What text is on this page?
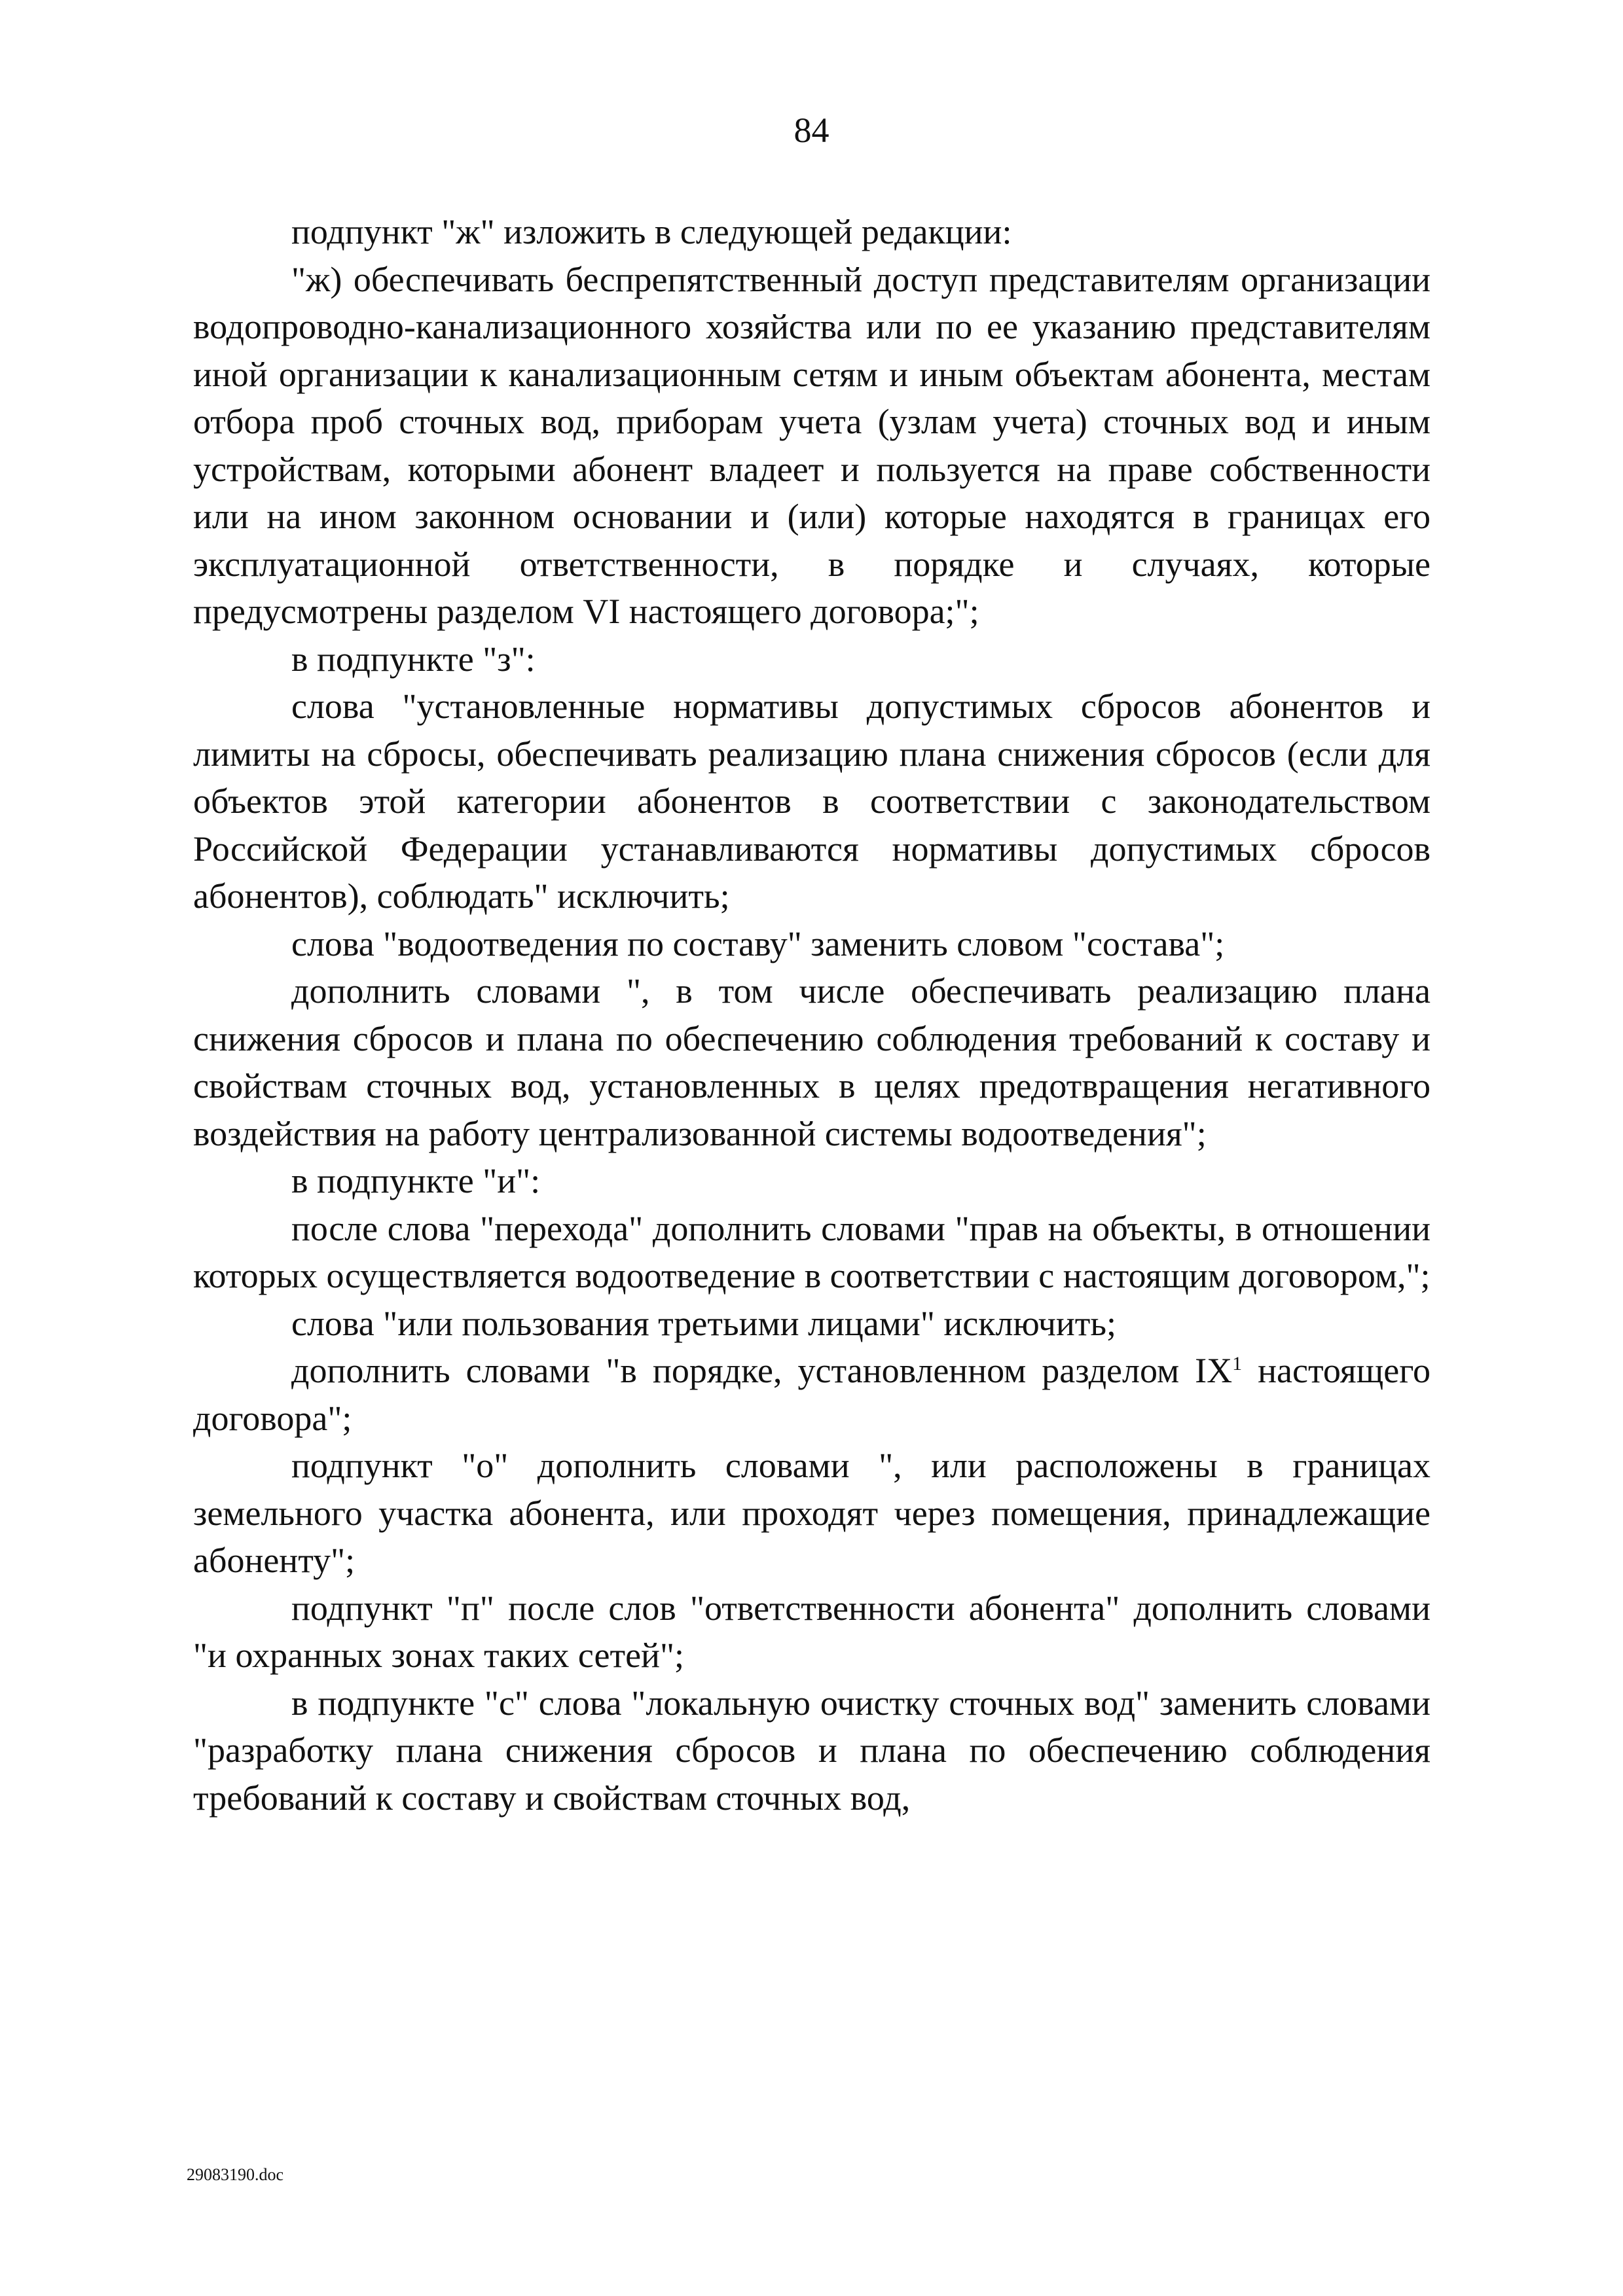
84

подпункт "ж" изложить в следующей редакции:

"ж) обеспечивать беспрепятственный доступ представителям организации водопроводно-канализационного хозяйства или по ее указанию представителям иной организации к канализационным сетям и иным объектам абонента, местам отбора проб сточных вод, приборам учета (узлам учета) сточных вод и иным устройствам, которыми абонент владеет и пользуется на праве собственности или на ином законном основании и (или) которые находятся в границах его эксплуатационной ответственности, в порядке и случаях, которые предусмотрены разделом VI настоящего договора;";

в подпункте "з":

слова "установленные нормативы допустимых сбросов абонентов и лимиты на сбросы, обеспечивать реализацию плана снижения сбросов (если для объектов этой категории абонентов в соответствии с законодательством Российской Федерации устанавливаются нормативы допустимых сбросов абонентов), соблюдать" исключить;

слова "водоотведения по составу" заменить словом "состава";

дополнить словами ", в том числе обеспечивать реализацию плана снижения сбросов и плана по обеспечению соблюдения требований к составу и свойствам сточных вод, установленных в целях предотвращения негативного воздействия на работу централизованной системы водоотведения";

в подпункте "и":

после слова "перехода" дополнить словами "прав на объекты, в отношении которых осуществляется водоотведение в соответствии с настоящим договором,";

слова "или пользования третьими лицами" исключить;

дополнить словами "в порядке, установленном разделом $IX^1$ настоящего договора";

подпункт "о" дополнить словами ", или расположены в границах земельного участка абонента, или проходят через помещения, принадлежащие абоненту";

подпункт "п" после слов "ответственности абонента" дополнить словами "и охранных зонах таких сетей";

в подпункте "с" слова "локальную очистку сточных вод" заменить словами "разработку плана снижения сбросов и плана по обеспечению соблюдения требований к составу и свойствам сточных вод,

29083190.doc
